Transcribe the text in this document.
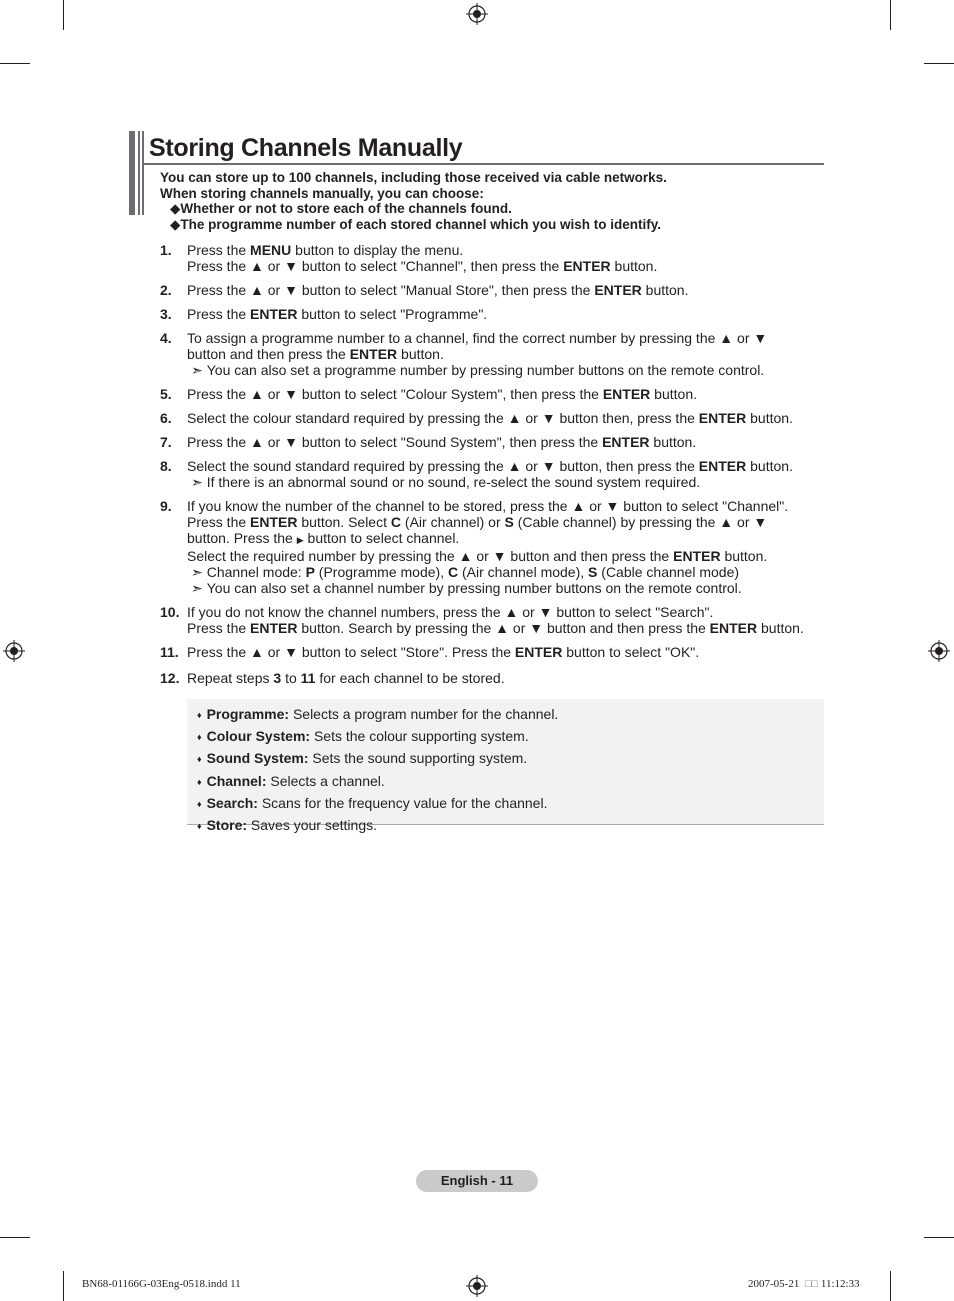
Storing Channels Manually
You can store up to 100 channels, including those received via cable networks.
When storing channels manually, you can choose:
◆Whether or not to store each of the channels found.
◆The programme number of each stored channel which you wish to identify.
1. Press the MENU button to display the menu.
Press the ▲ or ▼ button to select "Channel", then press the ENTER button.
2. Press the ▲ or ▼ button to select "Manual Store", then press the ENTER button.
3. Press the ENTER button to select "Programme".
4. To assign a programme number to a channel, find the correct number by pressing the ▲ or ▼
button and then press the ENTER button.
➣ You can also set a programme number by pressing number buttons on the remote control.
5. Press the ▲ or ▼ button to select "Colour System", then press the ENTER button.
6. Select the colour standard required by pressing the ▲ or ▼ button then, press the ENTER button.
7. Press the ▲ or ▼ button to select "Sound System", then press the ENTER button.
8. Select the sound standard required by pressing the ▲ or ▼ button, then press the ENTER button.
➣ If there is an abnormal sound or no sound, re-select the sound system required.
9. If you know the number of the channel to be stored, press the ▲ or ▼ button to select "Channel".
Press the ENTER button. Select C (Air channel) or S (Cable channel) by pressing the ▲ or ▼
button. Press the ▶ button to select channel.
Select the required number by pressing the ▲ or ▼ button and then press the ENTER button.
➣ Channel mode: P (Programme mode), C (Air channel mode), S (Cable channel mode)
➣ You can also set a channel number by pressing number buttons on the remote control.
10. If you do not know the channel numbers, press the ▲ or ▼ button to select "Search".
Press the ENTER button. Search by pressing the ▲ or ▼ button and then press the ENTER button.
11. Press the ▲ or ▼ button to select "Store". Press the ENTER button to select "OK".
12. Repeat steps 3 to 11 for each channel to be stored.
♦ Programme: Selects a program number for the channel.
♦ Colour System: Sets the colour supporting system.
♦ Sound System: Sets the sound supporting system.
♦ Channel: Selects a channel.
♦ Search: Scans for the frequency value for the channel.
♦ Store: Saves your settings.
English - 11
BN68-01166G-03Eng-0518.indd 11	2007-05-21 □□ 11:12:33
